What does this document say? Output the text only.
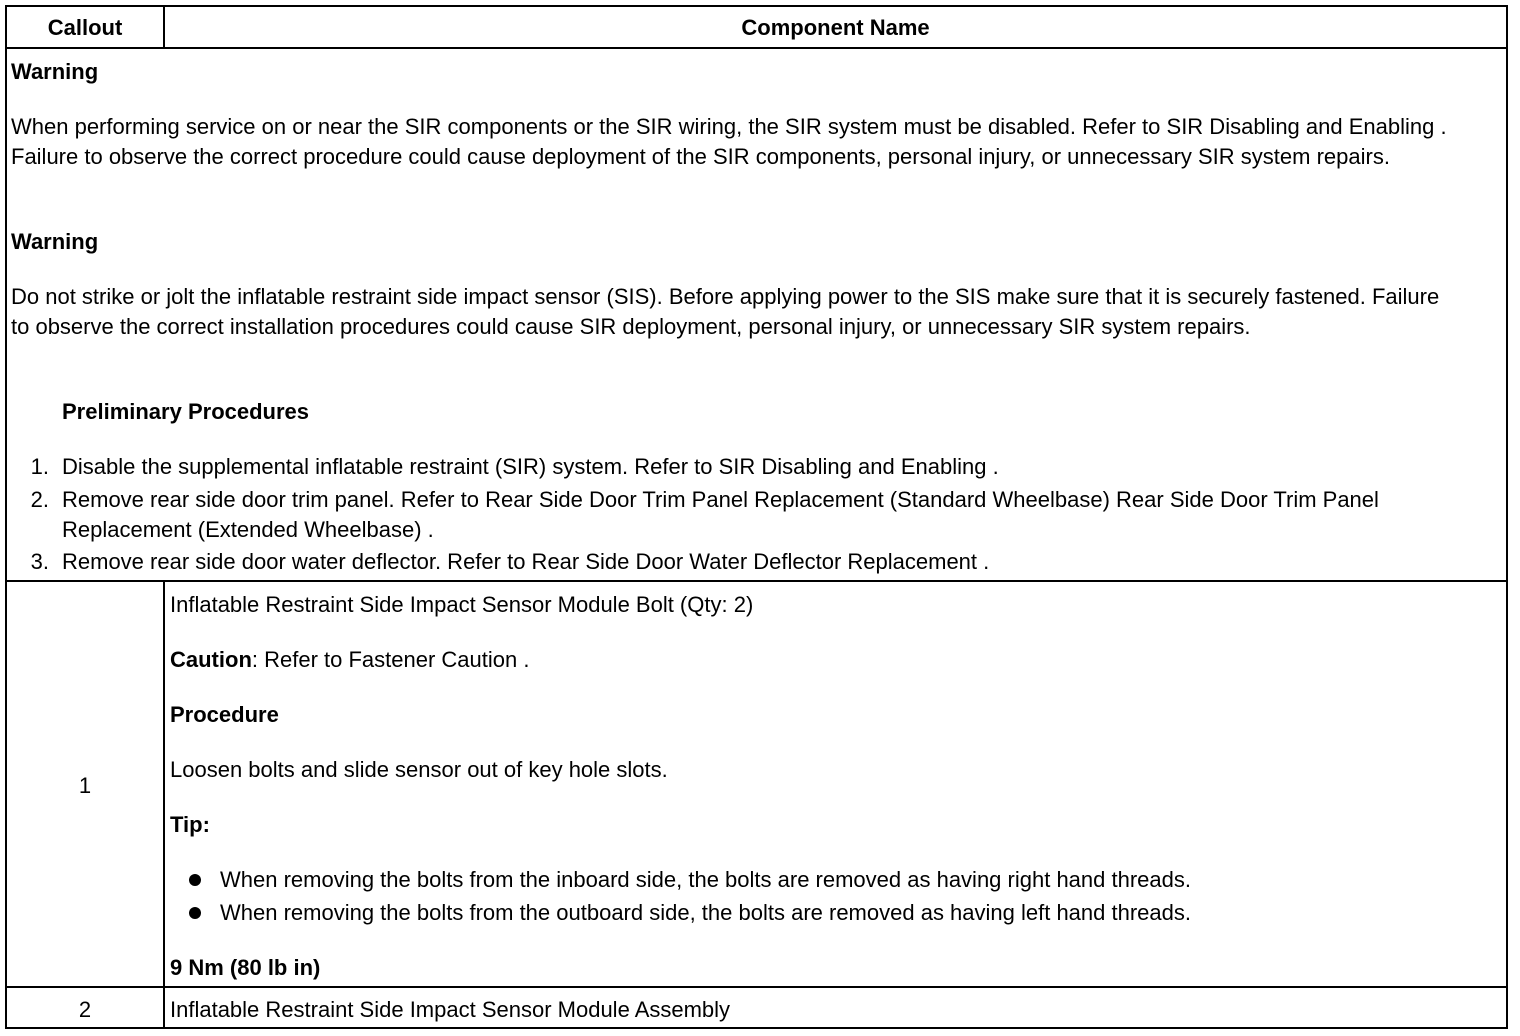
Callout	Component Name
Warning
When performing service on or near the SIR components or the SIR wiring, the SIR system must be disabled. Refer to SIR Disabling and Enabling . Failure to observe the correct procedure could cause deployment of the SIR components, personal injury, or unnecessary SIR system repairs.
Warning
Do not strike or jolt the inflatable restraint side impact sensor (SIS). Before applying power to the SIS make sure that it is securely fastened. Failure to observe the correct installation procedures could cause SIR deployment, personal injury, or unnecessary SIR system repairs.
Preliminary Procedures
1. Disable the supplemental inflatable restraint (SIR) system. Refer to SIR Disabling and Enabling .
2. Remove rear side door trim panel. Refer to Rear Side Door Trim Panel Replacement (Standard Wheelbase) Rear Side Door Trim Panel Replacement (Extended Wheelbase) .
3. Remove rear side door water deflector. Refer to Rear Side Door Water Deflector Replacement .
1
Inflatable Restraint Side Impact Sensor Module Bolt (Qty: 2)
Caution: Refer to Fastener Caution .
Procedure
Loosen bolts and slide sensor out of key hole slots.
Tip:
When removing the bolts from the inboard side, the bolts are removed as having right hand threads.
When removing the bolts from the outboard side, the bolts are removed as having left hand threads.
9 Nm (80 lb in)
2	Inflatable Restraint Side Impact Sensor Module Assembly
